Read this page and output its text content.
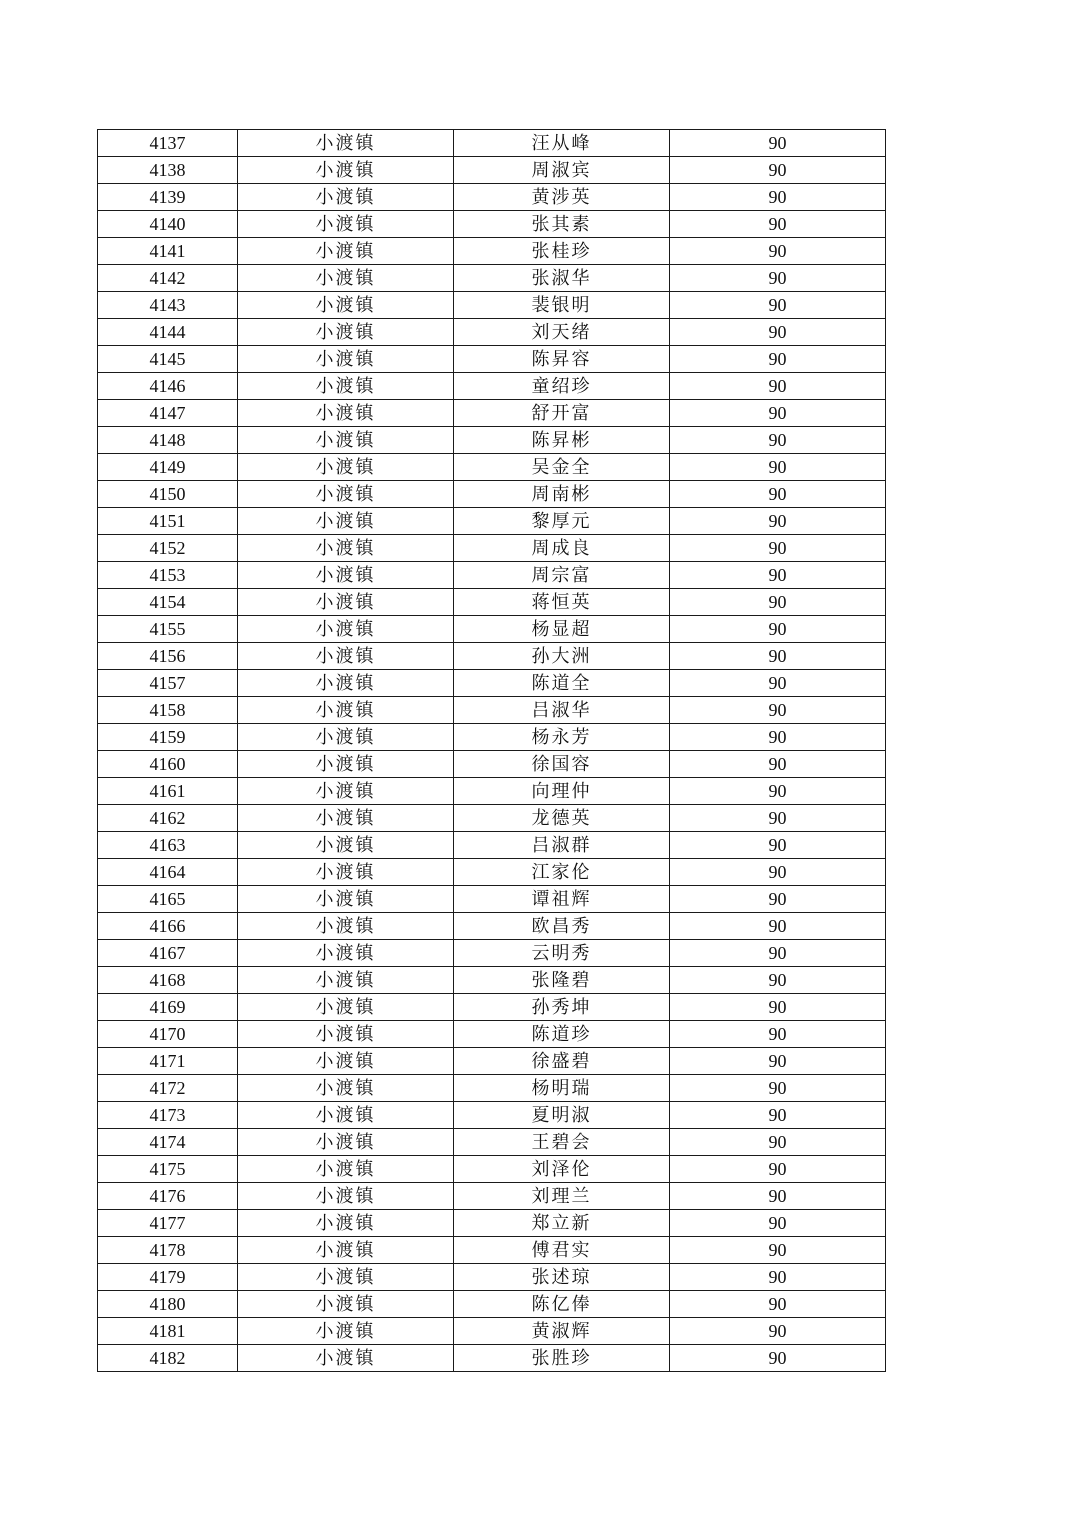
4137	小渡镇	汪从峰	90
4138	小渡镇	周淑宾	90
4139	小渡镇	黄涉英	90
4140	小渡镇	张其素	90
4141	小渡镇	张桂珍	90
4142	小渡镇	张淑华	90
4143	小渡镇	裴银明	90
4144	小渡镇	刘天绪	90
4145	小渡镇	陈昇容	90
4146	小渡镇	童绍珍	90
4147	小渡镇	舒开富	90
4148	小渡镇	陈昇彬	90
4149	小渡镇	吴金全	90
4150	小渡镇	周南彬	90
4151	小渡镇	黎厚元	90
4152	小渡镇	周成良	90
4153	小渡镇	周宗富	90
4154	小渡镇	蒋恒英	90
4155	小渡镇	杨显超	90
4156	小渡镇	孙大洲	90
4157	小渡镇	陈道全	90
4158	小渡镇	吕淑华	90
4159	小渡镇	杨永芳	90
4160	小渡镇	徐国容	90
4161	小渡镇	向理仲	90
4162	小渡镇	龙德英	90
4163	小渡镇	吕淑群	90
4164	小渡镇	江家伦	90
4165	小渡镇	谭祖辉	90
4166	小渡镇	欧昌秀	90
4167	小渡镇	云明秀	90
4168	小渡镇	张隆碧	90
4169	小渡镇	孙秀坤	90
4170	小渡镇	陈道珍	90
4171	小渡镇	徐盛碧	90
4172	小渡镇	杨明瑞	90
4173	小渡镇	夏明淑	90
4174	小渡镇	王碧会	90
4175	小渡镇	刘泽伦	90
4176	小渡镇	刘理兰	90
4177	小渡镇	郑立新	90
4178	小渡镇	傅君实	90
4179	小渡镇	张述琼	90
4180	小渡镇	陈亿俸	90
4181	小渡镇	黄淑辉	90
4182	小渡镇	张胜珍	90
